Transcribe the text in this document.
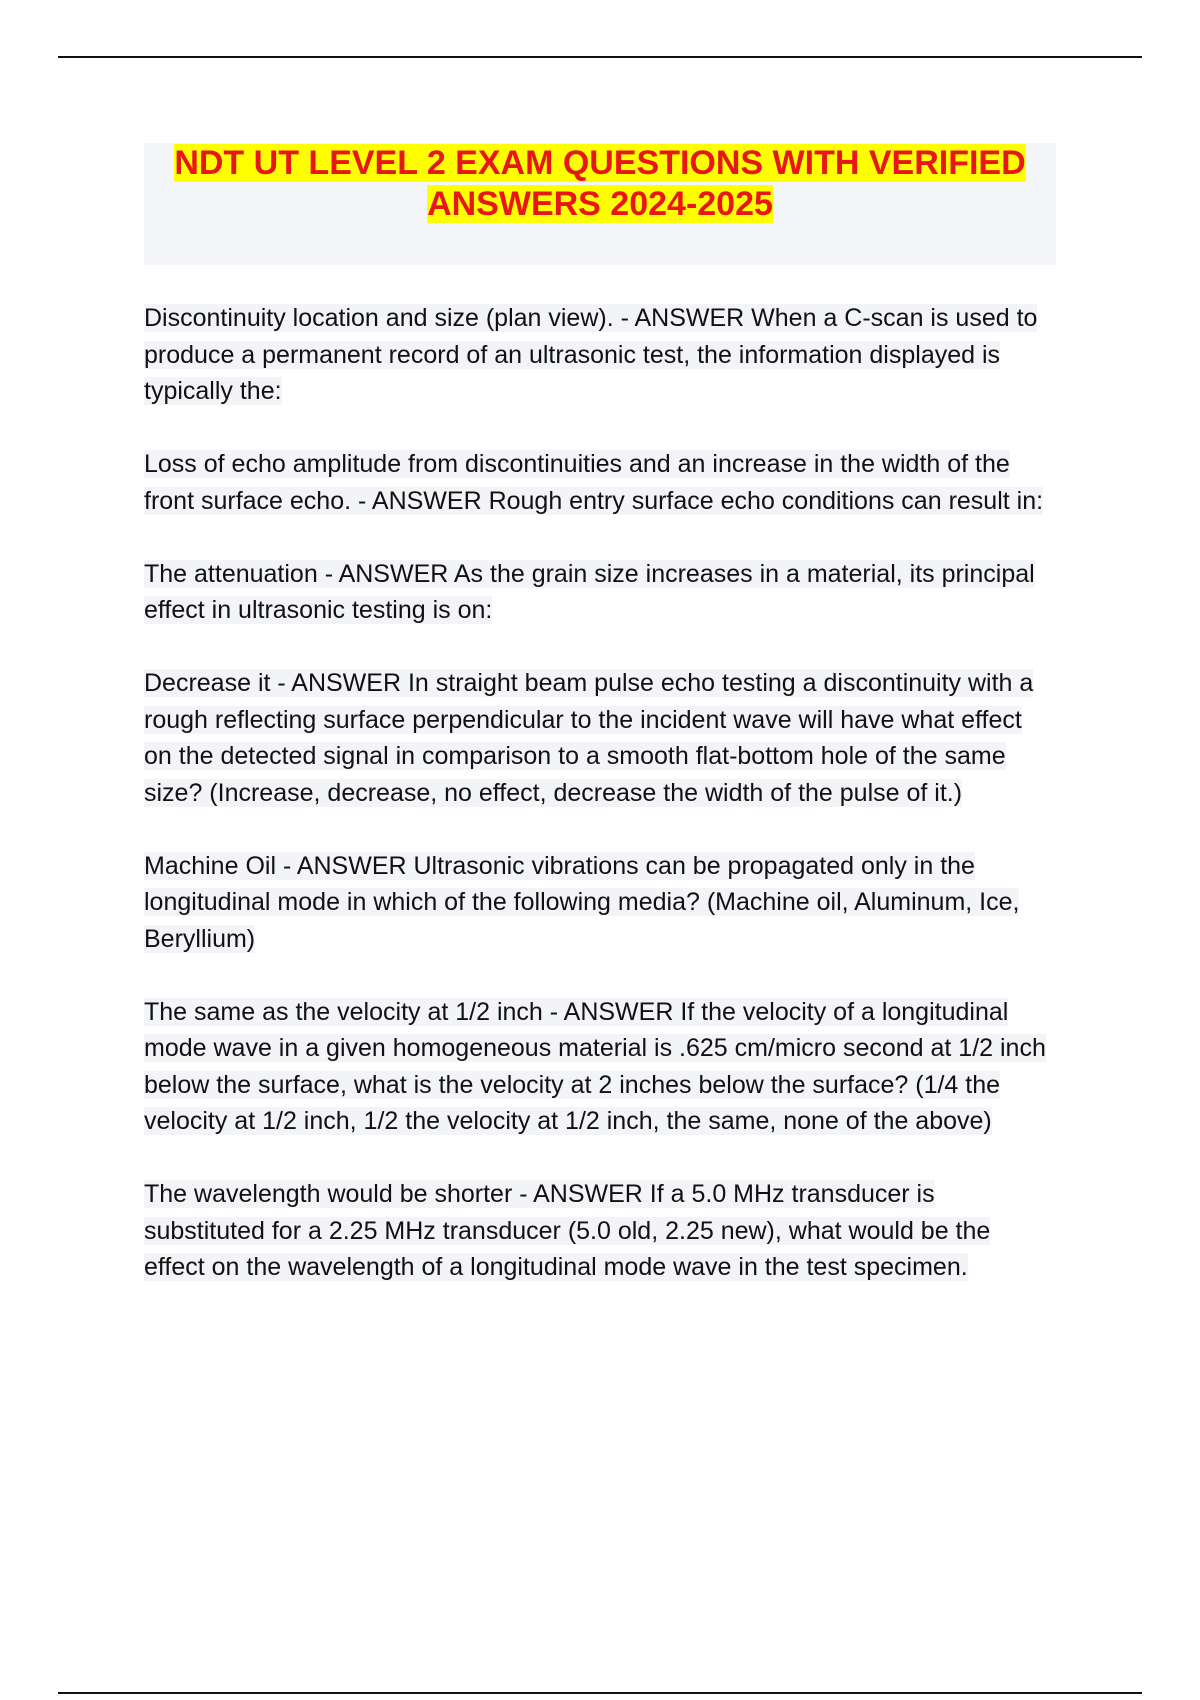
NDT UT LEVEL 2 EXAM QUESTIONS WITH VERIFIED ANSWERS 2024-2025

Discontinuity location and size (plan view). - ANSWER When a C-scan is used to produce a permanent record of an ultrasonic test, the information displayed is typically the:

Loss of echo amplitude from discontinuities and an increase in the width of the front surface echo. - ANSWER Rough entry surface echo conditions can result in:

The attenuation - ANSWER As the grain size increases in a material, its principal effect in ultrasonic testing is on:

Decrease it - ANSWER In straight beam pulse echo testing a discontinuity with a rough reflecting surface perpendicular to the incident wave will have what effect on the detected signal in comparison to a smooth flat-bottom hole of the same size? (Increase, decrease, no effect, decrease the width of the pulse of it.)

Machine Oil - ANSWER Ultrasonic vibrations can be propagated only in the longitudinal mode in which of the following media? (Machine oil, Aluminum, Ice, Beryllium)

The same as the velocity at 1/2 inch - ANSWER If the velocity of a longitudinal mode wave in a given homogeneous material is .625 cm/micro second at 1/2 inch below the surface, what is the velocity at 2 inches below the surface? (1/4 the velocity at 1/2 inch, 1/2 the velocity at 1/2 inch, the same, none of the above)

The wavelength would be shorter - ANSWER If a 5.0 MHz transducer is substituted for a 2.25 MHz transducer (5.0 old, 2.25 new), what would be the effect on the wavelength of a longitudinal mode wave in the test specimen.
